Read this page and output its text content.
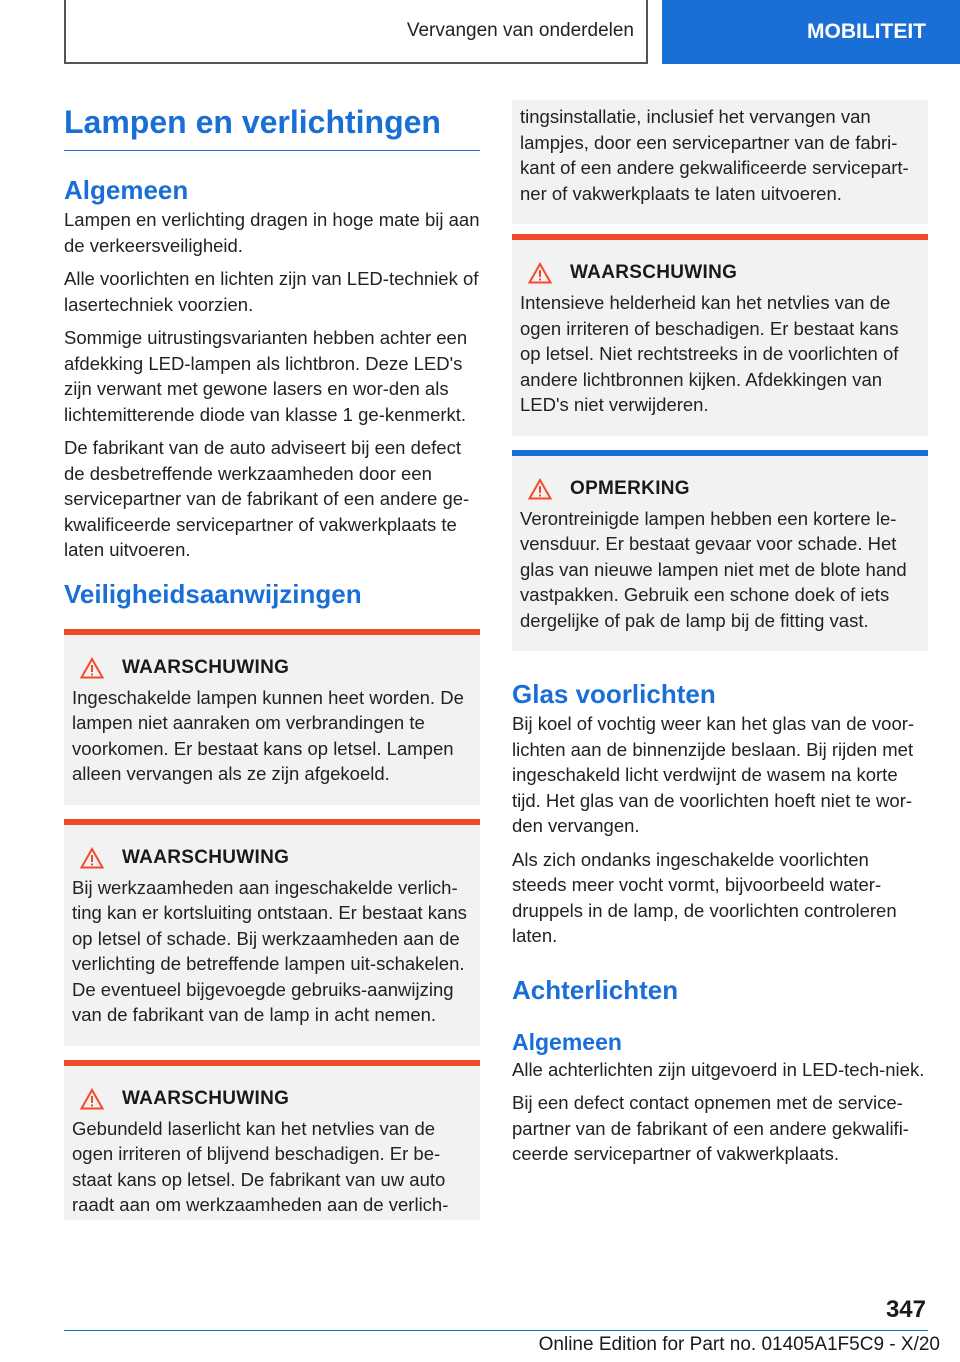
Vervangen van onderdelen	MOBILITEIT
Lampen en verlichtingen
Algemeen

Lampen en verlichting dragen in hoge mate bij aan de verkeersveiligheid.

Alle voorlichten en lichten zijn van LED-techniek of lasertechniek voorzien.

Sommige uitrustingsvarianten hebben achter een afdekking LED-lampen als lichtbron. Deze LED's zijn verwant met gewone lasers en wor-den als lichtemitterende diode van klasse 1 ge-kenmerkt.

De fabrikant van de auto adviseert bij een defect de desbetreffende werkzaamheden door een servicepartner van de fabrikant of een andere ge-kwalificeerde servicepartner of vakwerkplaats te laten uitvoeren.

Veiligheidsaanwijzingen
WAARSCHUWING

Ingeschakelde lampen kunnen heet worden. De lampen niet aanraken om verbrandingen te voorkomen. Er bestaat kans op letsel. Lampen alleen vervangen als ze zijn afgekoeld.

WAARSCHUWING

Bij werkzaamheden aan ingeschakelde verlich-ting kan er kortsluiting ontstaan. Er bestaat kans op letsel of schade. Bij werkzaamheden aan de verlichting de betreffende lampen uit-schakelen. De eventueel bijgevoegde gebruiks-aanwijzing van de fabrikant van de lamp in acht nemen.

WAARSCHUWING

Gebundeld laserlicht kan het netvlies van de ogen irriteren of blijvend beschadigen. Er be-staat kans op letsel. De fabrikant van uw auto raadt aan om werkzaamheden aan de verlich-

tingsinstallatie, inclusief het vervangen van lampjes, door een servicepartner van de fabri-kant of een andere gekwalificeerde servicepart-ner of vakwerkplaats te laten uitvoeren.

WAARSCHUWING

Intensieve helderheid kan het netvlies van de ogen irriteren of beschadigen. Er bestaat kans op letsel. Niet rechtstreeks in de voorlichten of andere lichtbronnen kijken. Afdekkingen van LED's niet verwijderen.

OPMERKING

Verontreinigde lampen hebben een kortere le-vensduur. Er bestaat gevaar voor schade. Het glas van nieuwe lampen niet met de blote hand vastpakken. Gebruik een schone doek of iets dergelijke of pak de lamp bij de fitting vast.

Glas voorlichten

Bij koel of vochtig weer kan het glas van de voor-lichten aan de binnenzijde beslaan. Bij rijden met ingeschakeld licht verdwijnt de wasem na korte tijd. Het glas van de voorlichten hoeft niet te wor-den vervangen.

Als zich ondanks ingeschakelde voorlichten steeds meer vocht vormt, bijvoorbeeld water-druppels in de lamp, de voorlichten controleren laten.

Achterlichten
Algemeen

Alle achterlichten zijn uitgevoerd in LED-tech-niek.

Bij een defect contact opnemen met de service-partner van de fabrikant of een andere gekwalifi-ceerde servicepartner of vakwerkplaats.

347
Online Edition for Part no. 01405A1F5C9 - X/20
